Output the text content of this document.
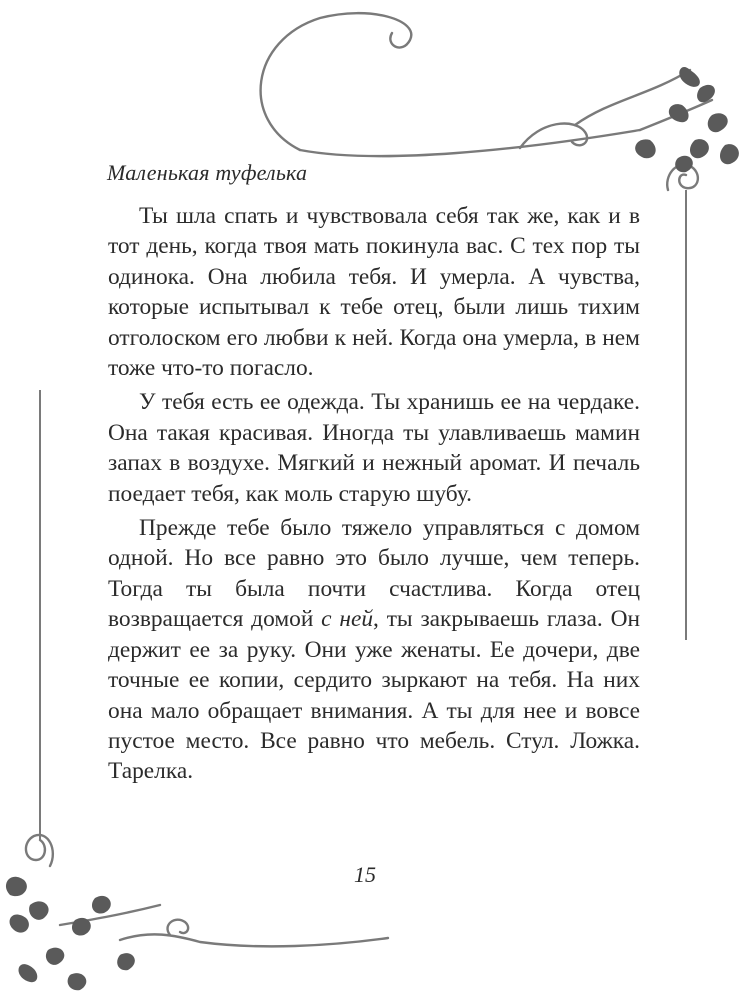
Маленькая туфелька

Ты шла спать и чувствовала себя так же, как и в тот день, когда твоя мать покинула вас. С тех пор ты одинока. Она любила тебя. И умерла. А чувства, которые испытывал к тебе отец, были лишь тихим отголоском его любви к ней. Когда она умерла, в нем тоже что-то погасло.

У тебя есть ее одежда. Ты хранишь ее на чердаке. Она такая красивая. Иногда ты улавливаешь мамин запах в воздухе. Мягкий и нежный аромат. И печаль поедает тебя, как моль старую шубу.

Прежде тебе было тяжело управляться с домом одной. Но все равно это было лучше, чем теперь. Тогда ты была почти счастлива. Когда отец возвращается домой с ней, ты закрываешь глаза. Он держит ее за руку. Они уже женаты. Ее дочери, две точные ее копии, сердито зыркают на тебя. На них она мало обращает внимания. А ты для нее и вовсе пустое место. Все равно что мебель. Стул. Ложка. Тарелка.

15
